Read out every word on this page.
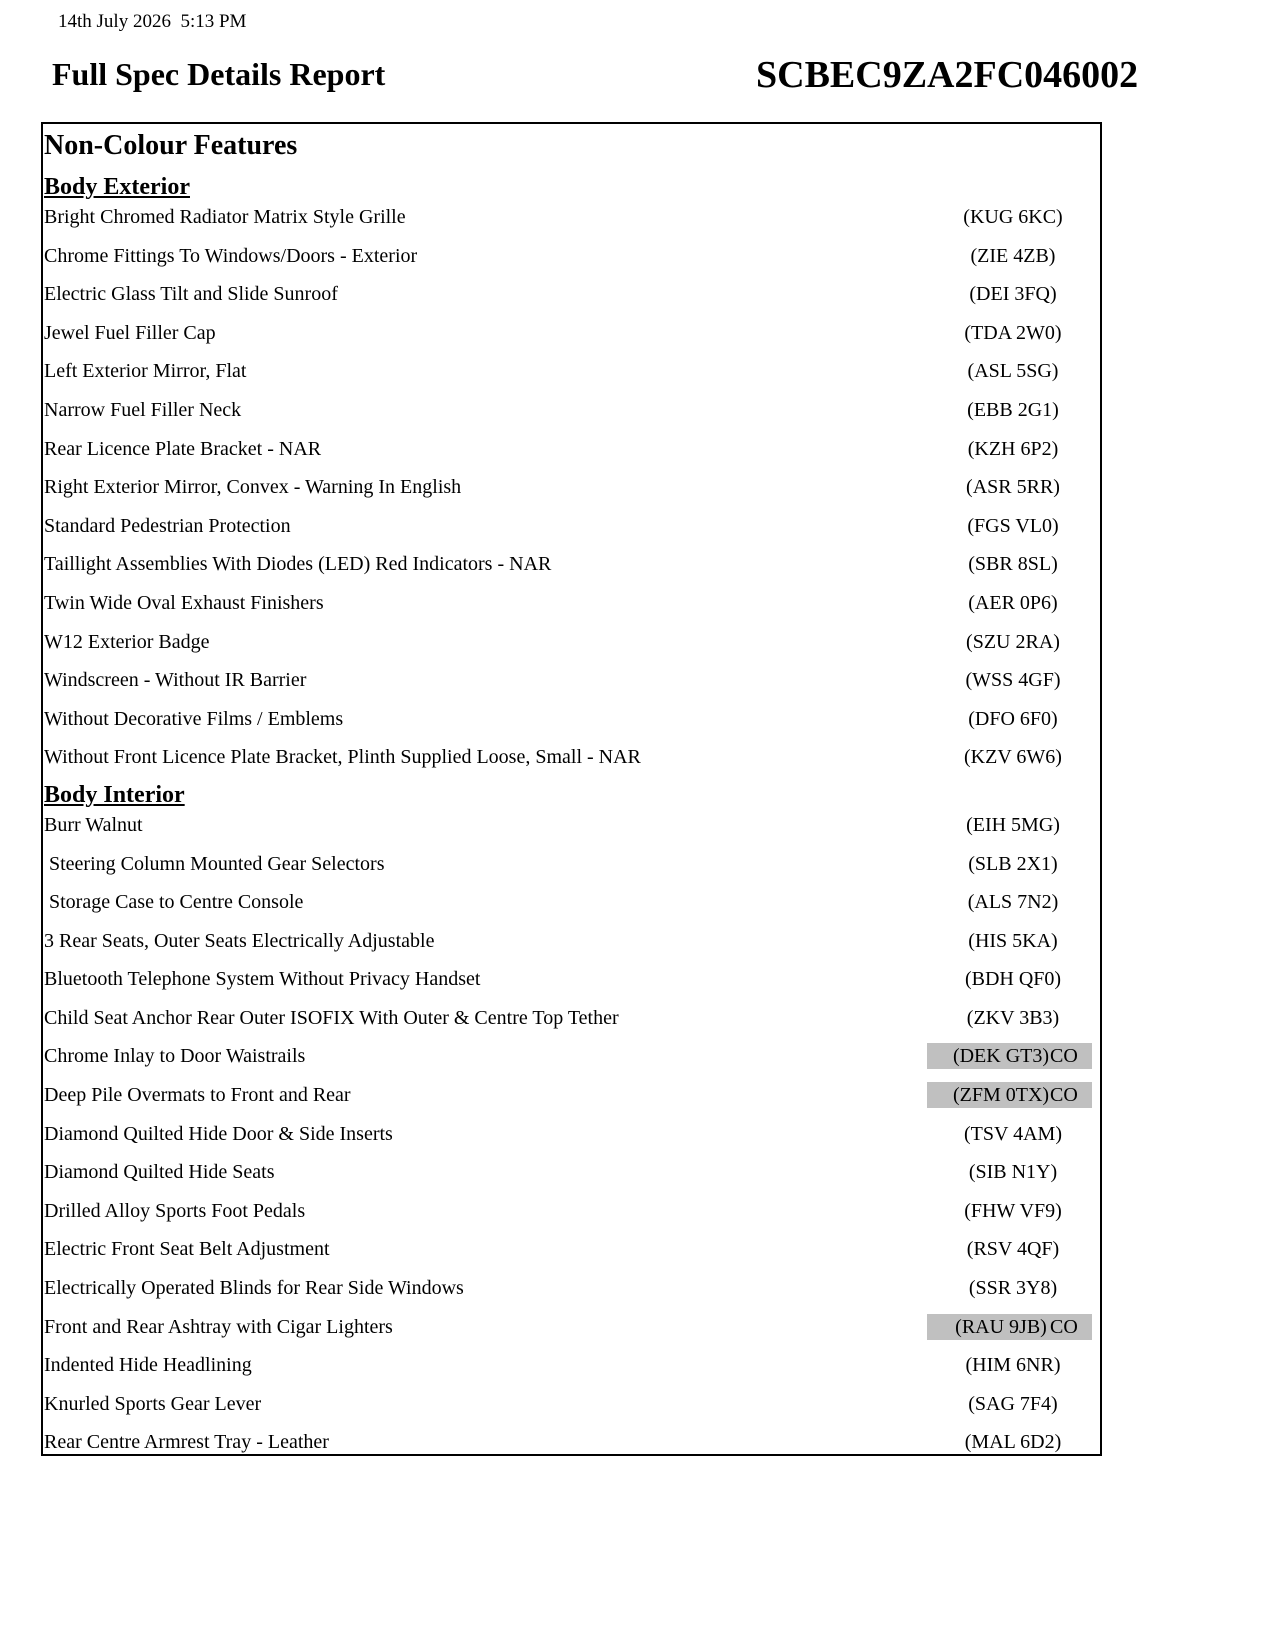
14th July 2026  5:13 PM
Full Spec Details Report	SCBEC9ZA2FC046002
Non-Colour Features
Body Exterior
Bright Chromed Radiator Matrix Style Grille	(KUG 6KC)
Chrome Fittings To Windows/Doors - Exterior	(ZIE 4ZB)
Electric Glass Tilt and Slide Sunroof	(DEI 3FQ)
Jewel Fuel Filler Cap	(TDA 2W0)
Left Exterior Mirror, Flat	(ASL 5SG)
Narrow Fuel Filler Neck	(EBB 2G1)
Rear Licence Plate Bracket - NAR	(KZH 6P2)
Right Exterior Mirror, Convex - Warning In English	(ASR 5RR)
Standard Pedestrian Protection	(FGS VL0)
Taillight Assemblies With Diodes (LED) Red Indicators - NAR	(SBR 8SL)
Twin Wide Oval Exhaust Finishers	(AER 0P6)
W12 Exterior Badge	(SZU 2RA)
Windscreen - Without IR Barrier	(WSS 4GF)
Without Decorative Films / Emblems	(DFO 6F0)
Without Front Licence Plate Bracket, Plinth Supplied Loose, Small - NAR	(KZV 6W6)
Body Interior
Burr Walnut	(EIH 5MG)
Steering Column Mounted Gear Selectors	(SLB 2X1)
Storage Case to Centre Console	(ALS 7N2)
3 Rear Seats, Outer Seats Electrically Adjustable	(HIS 5KA)
Bluetooth Telephone System Without Privacy Handset	(BDH QF0)
Child Seat Anchor Rear Outer ISOFIX With Outer & Centre Top Tether	(ZKV 3B3)
Chrome Inlay to Door Waistrails	(DEK GT3) CO
Deep Pile Overmats to Front and Rear	(ZFM 0TX) CO
Diamond Quilted Hide Door & Side Inserts	(TSV 4AM)
Diamond Quilted Hide Seats	(SIB N1Y)
Drilled Alloy Sports Foot Pedals	(FHW VF9)
Electric Front Seat Belt Adjustment	(RSV 4QF)
Electrically Operated Blinds for Rear Side Windows	(SSR 3Y8)
Front and Rear Ashtray with Cigar Lighters	(RAU 9JB) CO
Indented Hide Headlining	(HIM 6NR)
Knurled Sports Gear Lever	(SAG 7F4)
Rear Centre Armrest Tray - Leather	(MAL 6D2)
